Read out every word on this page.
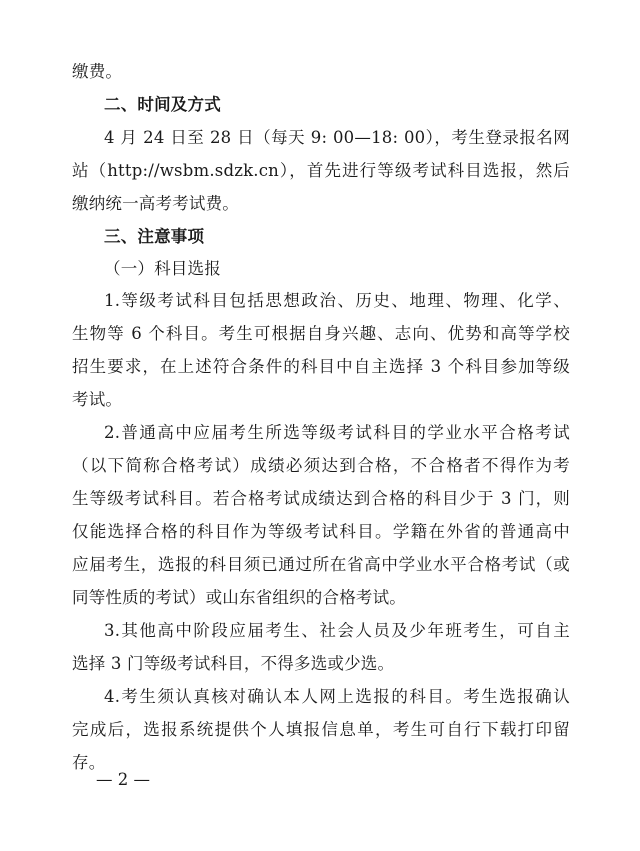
缴费。
二、时间及方式
4 月 24 日至 28 日（每天 9: 00—18: 00），考生登录报名网
站（http://wsbm.sdzk.cn），首先进行等级考试科目选报，然后
缴纳统一高考考试费。
三、注意事项
（一）科目选报
1.等级考试科目包括思想政治、历史、地理、物理、化学、
生物等 6 个科目。考生可根据自身兴趣、志向、优势和高等学校
招生要求，在上述符合条件的科目中自主选择 3 个科目参加等级
考试。
2.普通高中应届考生所选等级考试科目的学业水平合格考试
（以下简称合格考试）成绩必须达到合格，不合格者不得作为考
生等级考试科目。若合格考试成绩达到合格的科目少于 3 门，则
仅能选择合格的科目作为等级考试科目。学籍在外省的普通高中
应届考生，选报的科目须已通过所在省高中学业水平合格考试（或
同等性质的考试）或山东省组织的合格考试。
3.其他高中阶段应届考生、社会人员及少年班考生，可自主
选择 3 门等级考试科目，不得多选或少选。
4.考生须认真核对确认本人网上选报的科目。考生选报确认
完成后，选报系统提供个人填报信息单，考生可自行下载打印留
存。
— 2 —
